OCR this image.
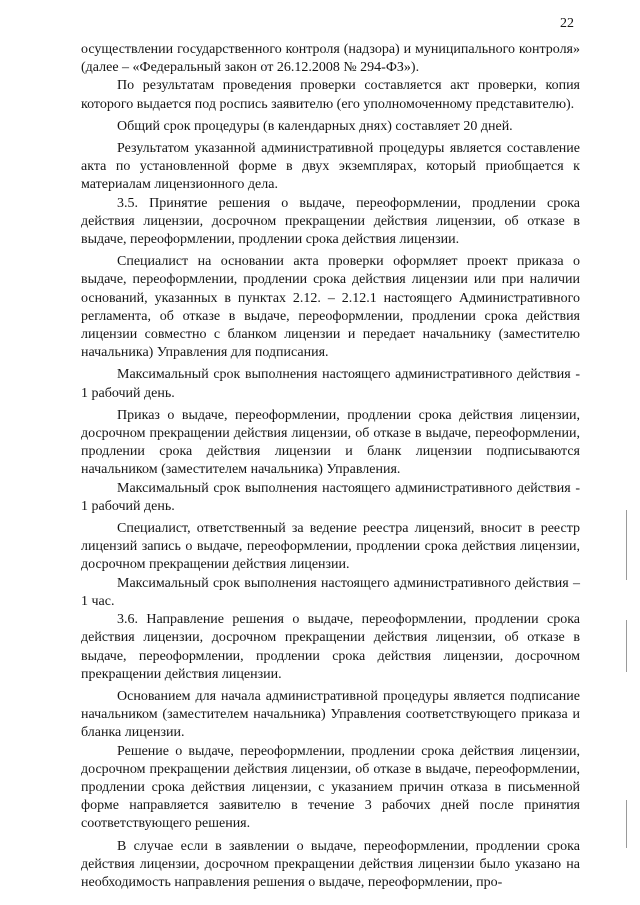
22

осуществлении государственного контроля (надзора) и муниципального контроля» (далее – «Федеральный закон от 26.12.2008 № 294-ФЗ»).

По результатам проведения проверки составляется акт проверки, копия которого выдается под роспись заявителю (его уполномоченному представителю).

Общий срок процедуры (в календарных днях) составляет 20 дней.

Результатом указанной административной процедуры является составление акта по установленной форме в двух экземплярах, который приобщается к материалам лицензионного дела.

3.5. Принятие решения о выдаче, переоформлении, продлении срока действия лицензии, досрочном прекращении действия лицензии, об отказе в выдаче, переоформлении, продлении срока действия лицензии.

Специалист на основании акта проверки оформляет проект приказа о выдаче, переоформлении, продлении срока действия лицензии или при наличии оснований, указанных в пунктах 2.12. – 2.12.1 настоящего Административного регламента, об отказе в выдаче, переоформлении, продлении срока действия лицензии совместно с бланком лицензии и передает начальнику (заместителю начальника) Управления для подписания.

Максимальный срок выполнения настоящего административного действия - 1 рабочий день.

Приказ о выдаче, переоформлении, продлении срока действия лицензии, досрочном прекращении действия лицензии, об отказе в выдаче, переоформлении, продлении срока действия лицензии и бланк лицензии подписываются начальником (заместителем начальника) Управления.

Максимальный срок выполнения настоящего административного действия - 1 рабочий день.

Специалист, ответственный за ведение реестра лицензий, вносит в реестр лицензий запись о выдаче, переоформлении, продлении срока действия лицензии, досрочном прекращении действия лицензии.

Максимальный срок выполнения настоящего административного действия – 1 час.

3.6. Направление решения о выдаче, переоформлении, продлении срока действия лицензии, досрочном прекращении действия лицензии, об отказе в выдаче, переоформлении, продлении срока действия лицензии, досрочном прекращении действия лицензии.

Основанием для начала административной процедуры является подписание начальником (заместителем начальника) Управления соответствующего приказа и бланка лицензии.

Решение о выдаче, переоформлении, продлении срока действия лицензии, досрочном прекращении действия лицензии, об отказе в выдаче, переоформлении, продлении срока действия лицензии, с указанием причин отказа в письменной форме направляется заявителю в течение 3 рабочих дней после принятия соответствующего решения.

В случае если в заявлении о выдаче, переоформлении, продлении срока действия лицензии, досрочном прекращении действия лицензии было указано на необходимость направления решения о выдаче, переоформлении, про-
